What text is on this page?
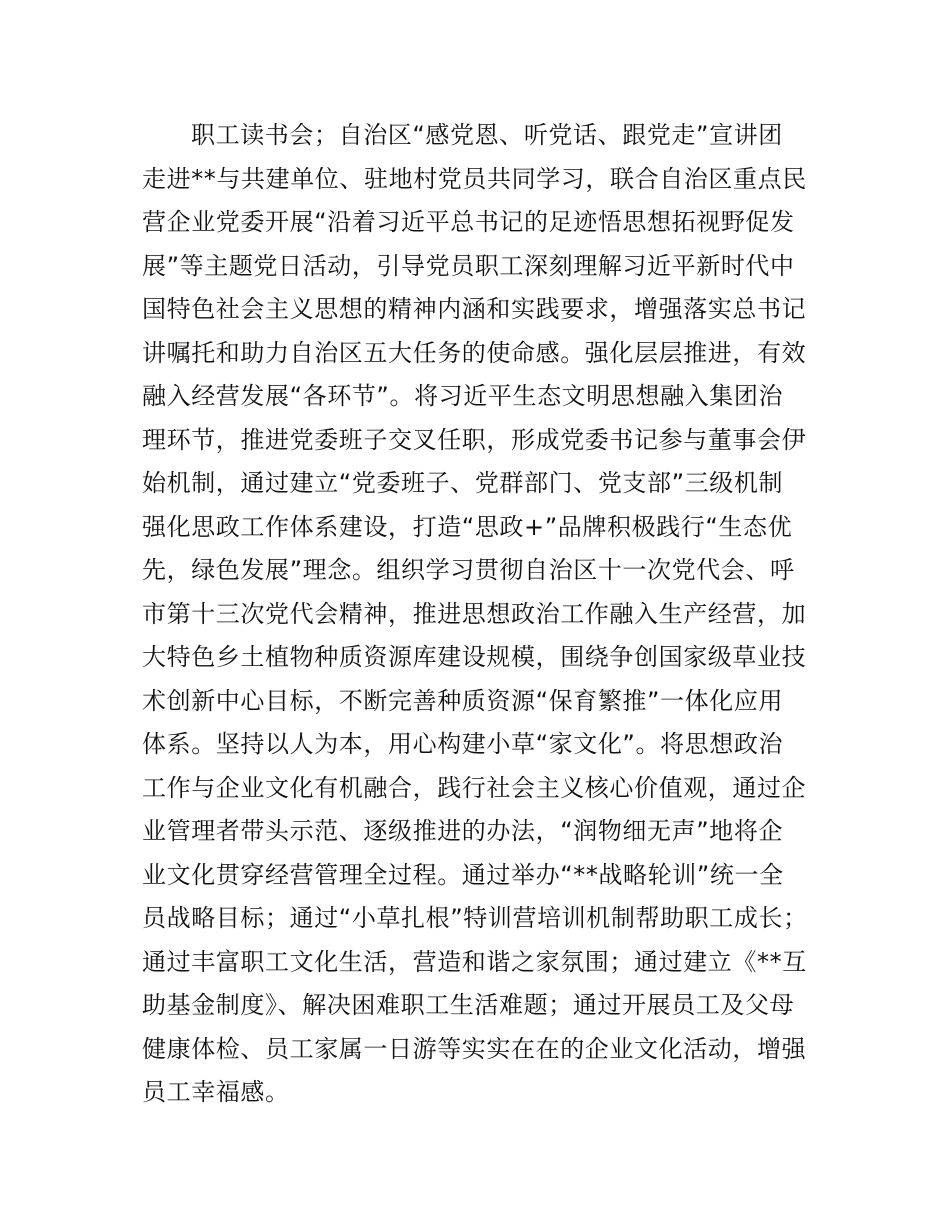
职工读书会；自治区“感党恩、听党话、跟党走”宣讲团
走进**与共建单位、驻地村党员共同学习，联合自治区重点民
营企业党委开展“沿着习近平总书记的足迹悟思想拓视野促发
展”等主题党日活动，引导党员职工深刻理解习近平新时代中
国特色社会主义思想的精神内涵和实践要求，增强落实总书记
讲嘱托和助力自治区五大任务的使命感。强化层层推进，有效
融入经营发展“各环节”。将习近平生态文明思想融入集团治
理环节，推进党委班子交叉任职，形成党委书记参与董事会伊
始机制，通过建立“党委班子、党群部门、党支部”三级机制
强化思政工作体系建设，打造“思政+”品牌积极践行“生态优
先，绿色发展”理念。组织学习贯彻自治区十一次党代会、呼
市第十三次党代会精神，推进思想政治工作融入生产经营，加
大特色乡土植物种质资源库建设规模，围绕争创国家级草业技
术创新中心目标，不断完善种质资源“保育繁推”一体化应用
体系。坚持以人为本，用心构建小草“家文化”。将思想政治
工作与企业文化有机融合，践行社会主义核心价值观，通过企
业管理者带头示范、逐级推进的办法，“润物细无声”地将企
业文化贯穿经营管理全过程。通过举办“**战略轮训”统一全
员战略目标；通过“小草扎根”特训营培训机制帮助职工成长；
通过丰富职工文化生活，营造和谐之家氛围；通过建立《**互
助基金制度》、解决困难职工生活难题；通过开展员工及父母
健康体检、员工家属一日游等实实在在的企业文化活动，增强
员工幸福感。
